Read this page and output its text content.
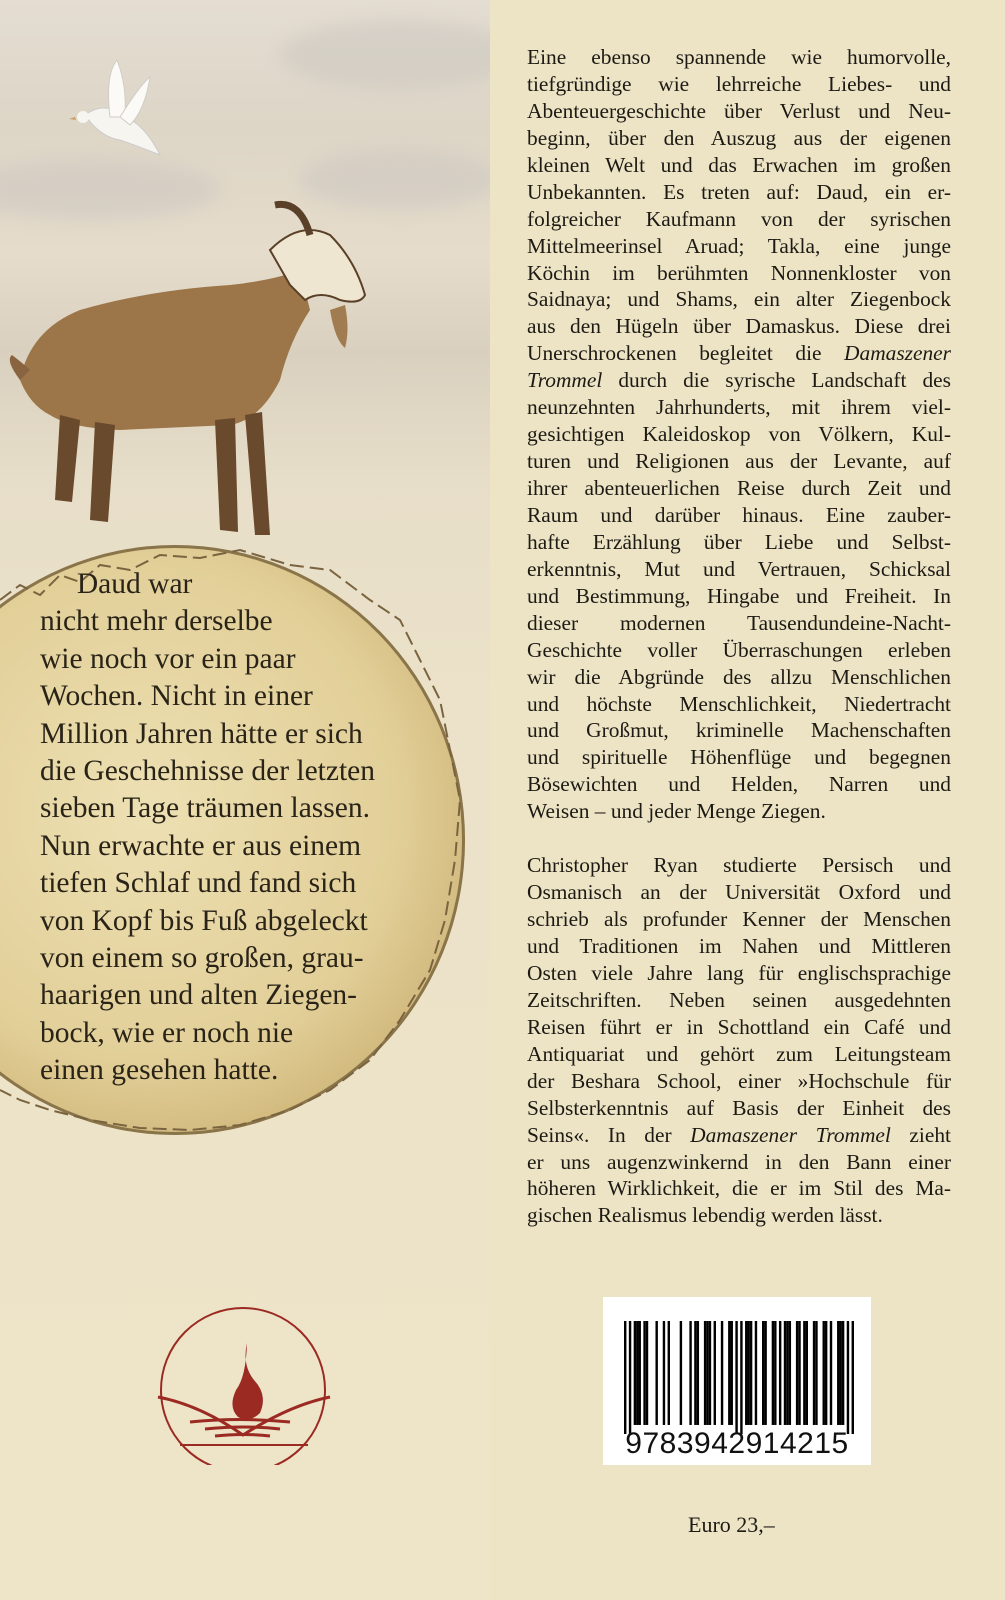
Daud war
nicht mehr derselbe
wie noch vor ein paar
Wochen. Nicht in einer
Million Jahren hätte er sich
die Geschehnisse der letzten
sieben Tage träumen lassen.
Nun erwachte er aus einem
tiefen Schlaf und fand sich
von Kopf bis Fuß abgeleckt
von einem so großen, grau-
haarigen und alten Ziegen-
bock, wie er noch nie
einen gesehen hatte.
Eine ebenso spannende wie humorvolle,
tiefgründige wie lehrreiche Liebes- und
Abenteuergeschichte über Verlust und Neu-
beginn, über den Auszug aus der eigenen
kleinen Welt und das Erwachen im großen
Unbekannten. Es treten auf: Daud, ein er-
folgreicher Kaufmann von der syrischen
Mittelmeerinsel Aruad; Takla, eine junge
Köchin im berühmten Nonnenkloster von
Saidnaya; und Shams, ein alter Ziegenbock
aus den Hügeln über Damaskus. Diese drei
Unerschrockenen begleitet die Damaszener
Trommel durch die syrische Landschaft des
neunzehnten Jahrhunderts, mit ihrem viel-
gesichtigen Kaleidoskop von Völkern, Kul-
turen und Religionen aus der Levante, auf
ihrer abenteuerlichen Reise durch Zeit und
Raum und darüber hinaus. Eine zauber-
hafte Erzählung über Liebe und Selbst-
erkenntnis, Mut und Vertrauen, Schicksal
und Bestimmung, Hingabe und Freiheit. In
dieser modernen Tausendundeine-Nacht-
Geschichte voller Überraschungen erleben
wir die Abgründe des allzu Menschlichen
und höchste Menschlichkeit, Niedertracht
und Großmut, kriminelle Machenschaften
und spirituelle Höhenflüge und begegnen
Bösewichten und Helden, Narren und
Weisen – und jeder Menge Ziegen.
Christopher Ryan studierte Persisch und
Osmanisch an der Universität Oxford und
schrieb als profunder Kenner der Menschen
und Traditionen im Nahen und Mittleren
Osten viele Jahre lang für englischsprachige
Zeitschriften. Neben seinen ausgedehnten
Reisen führt er in Schottland ein Café und
Antiquariat und gehört zum Leitungsteam
der Beshara School, einer »Hochschule für
Selbsterkenntnis auf Basis der Einheit des
Seins«. In der Damaszener Trommel zieht
er uns augenzwinkernd in den Bann einer
höheren Wirklichkeit, die er im Stil des Ma-
gischen Realismus lebendig werden lässt.
9783942914215
Euro 23,–
